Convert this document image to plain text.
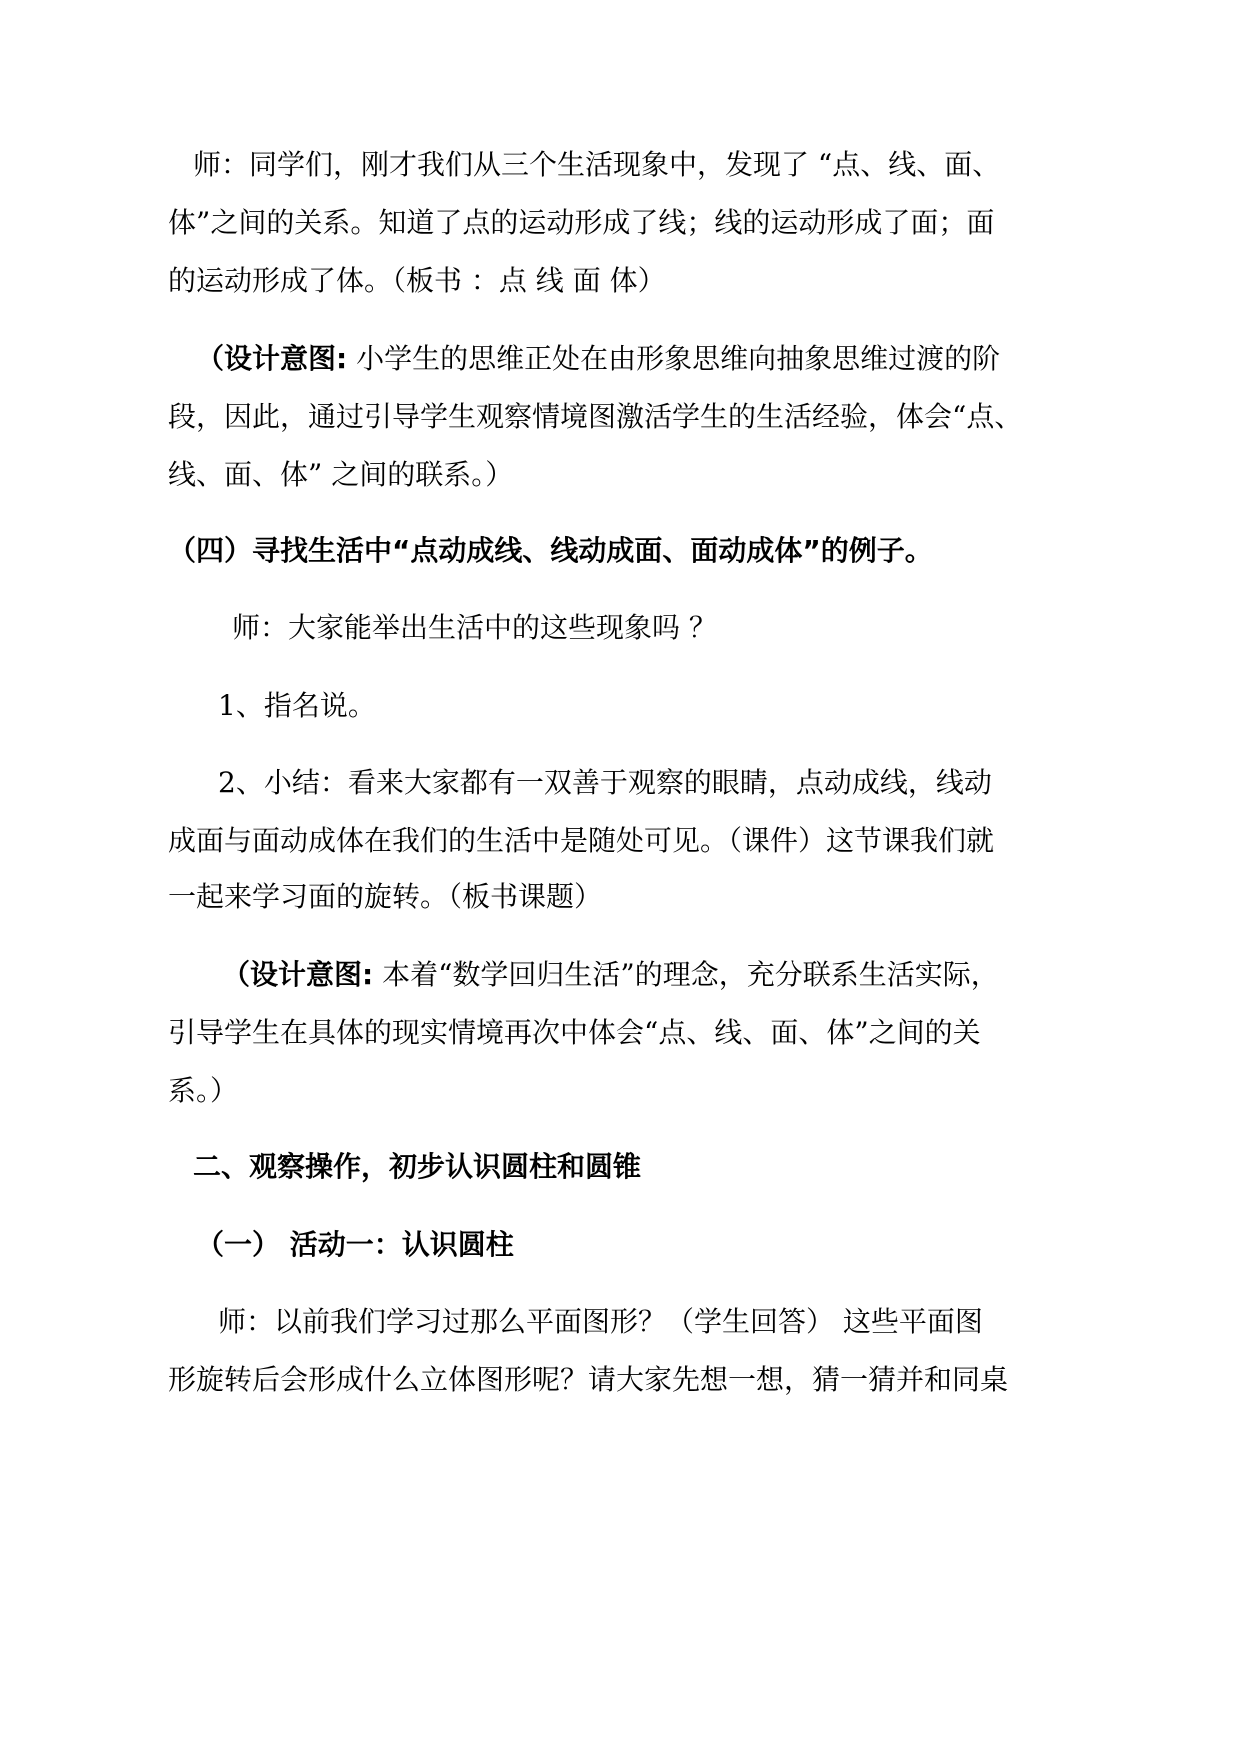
师：同学们，刚才我们从三个生活现象中，发现了 “点、线、面、

体”之间的关系。知道了点的运动形成了线；线的运动形成了面；面

的运动形成了体。（板书 ：点 线 面 体）

（设计意图: 小学生的思维正处在由形象思维向抽象思维过渡的阶

段，因此，通过引导学生观察情境图激活学生的生活经验，体会“点、

线、面、体” 之间的联系。）

（四）寻找生活中“点动成线、线动成面、面动成体”的例子。

师：大家能举出生活中的这些现象吗 ？

1、指名说。

2、小结：看来大家都有一双善于观察的眼睛，点动成线，线动

成面与面动成体在我们的生活中是随处可见。（课件）这节课我们就

一起来学习面的旋转。（板书课题）

（设计意图: 本着“数学回归生活”的理念，充分联系生活实际，

引导学生在具体的现实情境再次中体会“点、线、面、体”之间的关

系。）

二、观察操作，初步认识圆柱和圆锥

（一） 活动一：认识圆柱

师：以前我们学习过那么平面图形？（学生回答） 这些平面图

形旋转后会形成什么立体图形呢？请大家先想一想，猜一猜并和同桌
